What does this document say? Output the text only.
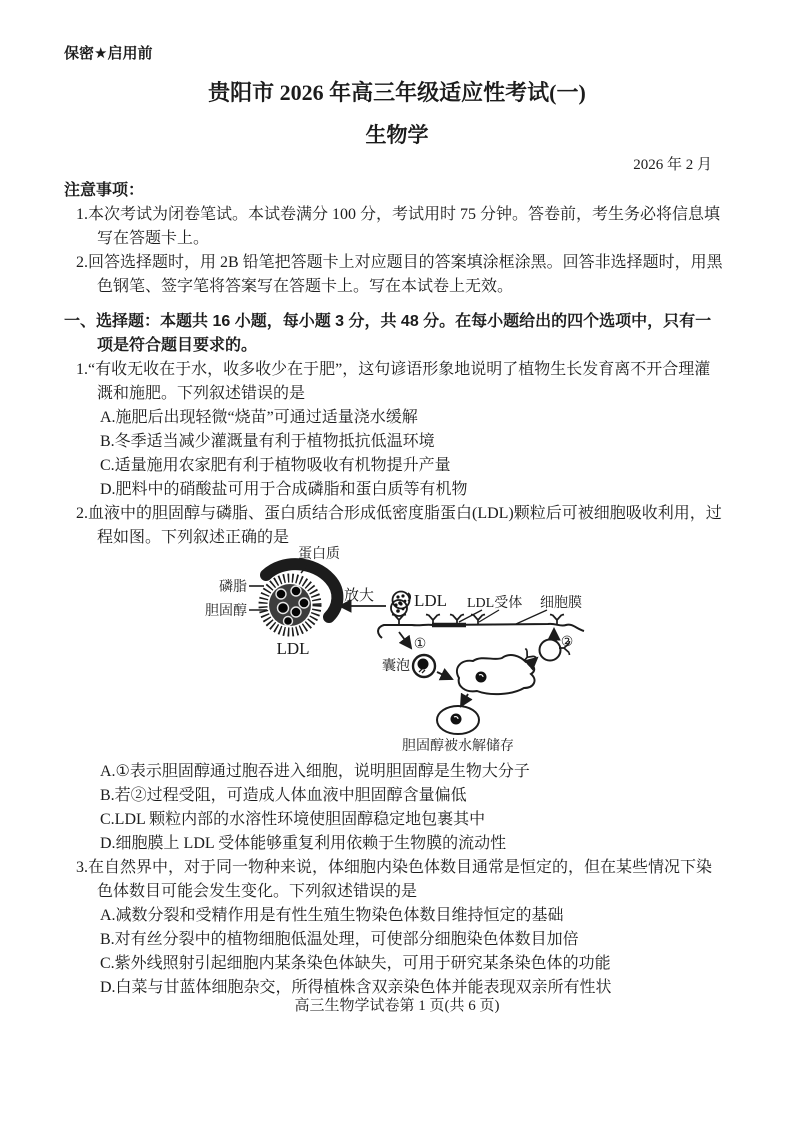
保密★启用前
贵阳市 2026 年高三年级适应性考试(一)
生物学
2026 年 2 月
注意事项：
1.本次考试为闭卷笔试。本试卷满分 100 分，考试用时 75 分钟。答卷前，考生务必将信息填
写在答题卡上。
2.回答选择题时，用 2B 铅笔把答题卡上对应题目的答案填涂框涂黑。回答非选择题时，用黑
色钢笔、签字笔将答案写在答题卡上。写在本试卷上无效。
一、选择题：本题共 16 小题，每小题 3 分，共 48 分。在每小题给出的四个选项中，只有一
项是符合题目要求的。
1.“有收无收在于水，收多收少在于肥”，这句谚语形象地说明了植物生长发育离不开合理灌
溉和施肥。下列叙述错误的是
A.施肥后出现轻微“烧苗”可通过适量浇水缓解
B.冬季适当减少灌溉量有利于植物抵抗低温环境
C.适量施用农家肥有利于植物吸收有机物提升产量
D.肥料中的硝酸盐可用于合成磷脂和蛋白质等有机物
2.血液中的胆固醇与磷脂、蛋白质结合形成低密度脂蛋白(LDL)颗粒后可被细胞吸收利用，过
程如图。下列叙述正确的是
蛋白质
磷脂
胆固醇
LDL
放大 LDL LDL受体 细胞膜
①
囊泡
②
胆固醇被水解储存
A.①表示胆固醇通过胞吞进入细胞，说明胆固醇是生物大分子
B.若②过程受阻，可造成人体血液中胆固醇含量偏低
C.LDL 颗粒内部的水溶性环境使胆固醇稳定地包裹其中
D.细胞膜上 LDL 受体能够重复利用依赖于生物膜的流动性
3.在自然界中，对于同一物种来说，体细胞内染色体数目通常是恒定的，但在某些情况下染
色体数目可能会发生变化。下列叙述错误的是
A.减数分裂和受精作用是有性生殖生物染色体数目维持恒定的基础
B.对有丝分裂中的植物细胞低温处理，可使部分细胞染色体数目加倍
C.紫外线照射引起细胞内某条染色体缺失，可用于研究某条染色体的功能
D.白菜与甘蓝体细胞杂交，所得植株含双亲染色体并能表现双亲所有性状
高三生物学试卷第 1 页(共 6 页)
